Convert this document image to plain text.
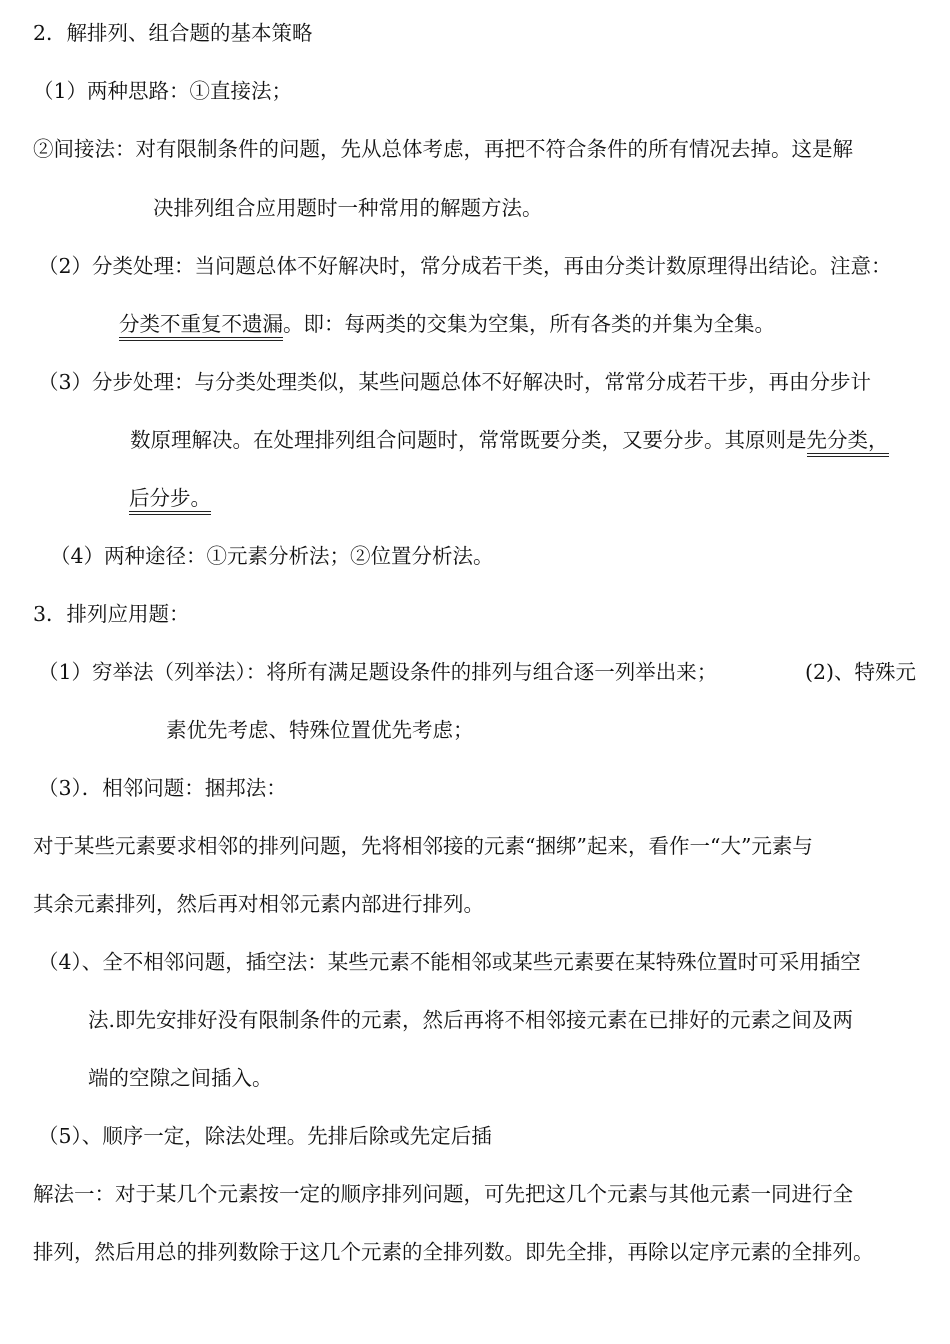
2．解排列、组合题的基本策略
（1）两种思路：①直接法；
②间接法：对有限制条件的问题，先从总体考虑，再把不符合条件的所有情况去掉。这是解
决排列组合应用题时一种常用的解题方法。
（2）分类处理：当问题总体不好解决时，常分成若干类，再由分类计数原理得出结论。注意：
分类不重复不遗漏。即：每两类的交集为空集，所有各类的并集为全集。
（3）分步处理：与分类处理类似，某些问题总体不好解决时，常常分成若干步，再由分步计
数原理解决。在处理排列组合问题时，常常既要分类，又要分步。其原则是先分类，
后分步。
（4）两种途径：①元素分析法；②位置分析法。
3．排列应用题：
（1）穷举法（列举法）：将所有满足题设条件的排列与组合逐一列举出来；	(2)、特殊元
素优先考虑、特殊位置优先考虑；
（3）．相邻问题：捆邦法：
对于某些元素要求相邻的排列问题，先将相邻接的元素“捆绑”起来，看作一“大”元素与
其余元素排列，然后再对相邻元素内部进行排列。
（4）、全不相邻问题，插空法：某些元素不能相邻或某些元素要在某特殊位置时可采用插空
法.即先安排好没有限制条件的元素，然后再将不相邻接元素在已排好的元素之间及两
端的空隙之间插入。
（5）、顺序一定，除法处理。先排后除或先定后插
解法一：对于某几个元素按一定的顺序排列问题，可先把这几个元素与其他元素一同进行全
排列，然后用总的排列数除于这几个元素的全排列数。即先全排，再除以定序元素的全排列。
